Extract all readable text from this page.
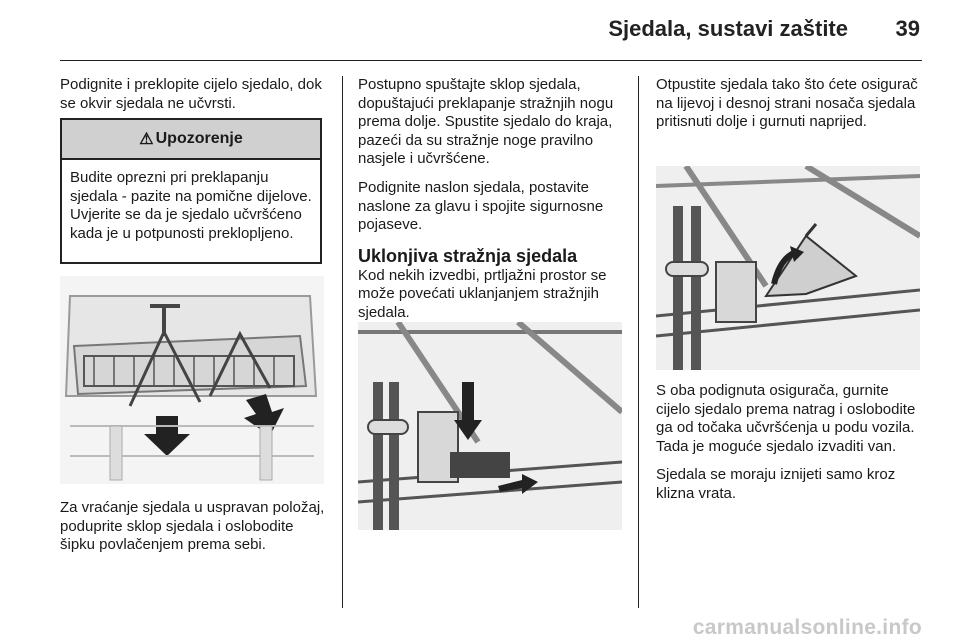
Sjedala, sustavi zaštite 39

Podignite i preklopite cijelo sjedalo, dok se okvir sjedala ne učvrsti.

⚠ Upozorenje
Budite oprezni pri preklapanju sjedala - pazite na pomične dijelove. Uvjerite se da je sjedalo učvršćeno kada je u potpunosti preklopljeno.

Za vraćanje sjedala u uspravan položaj, poduprite sklop sjedala i oslobodite šipku povlačenjem prema sebi.

Postupno spuštajte sklop sjedala, dopuštajući preklapanje stražnjih nogu prema dolje. Spustite sjedalo do kraja, pazeći da su stražnje noge pravilno nasjele i učvršćene.

Podignite naslon sjedala, postavite naslone za glavu i spojite sigurnosne pojaseve.

Uklonjiva stražnja sjedala

Kod nekih izvedbi, prtljažni prostor se može povećati uklanjanjem stražnjih sjedala.

Otpustite sjedala tako što ćete osigurač na lijevoj i desnoj strani nosača sjedala pritisnuti dolje i gurnuti naprijed.

S oba podignuta osigurača, gurnite cijelo sjedalo prema natrag i oslobodite ga od točaka učvršćenja u podu vozila. Tada je moguće sjedalo izvaditi van.

Sjedala se moraju iznijeti samo kroz klizna vrata.

carmanualsonline.info
